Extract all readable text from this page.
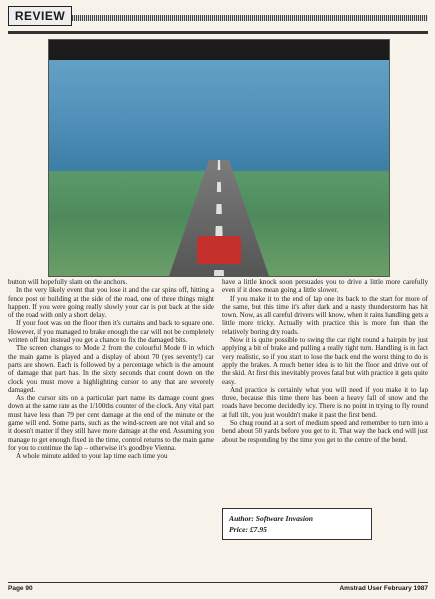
REVIEW

button will hopefully slam on the anchors.

In the very likely event that you lose it and the car spins off, hitting a fence post or building at the side of the road, one of three things might happen. If you were going really slowly your car is put back at the side of the road with only a short delay.

If your foot was on the floor then it's curtains and back to square one. However, if you managed to brake enough the car will not be completely written off but instead you get a chance to fix the damaged bits.

The screen changes to Mode 2 from the colourful Mode 0 in which the main game is played and a display of about 70 (yes seventy!) car parts are shown. Each is followed by a percentage which is the amount of damage that part has. In the sixty seconds that count down on the clock you must move a highlighting cursor to any that are severely damaged.

As the cursor sits on a particular part name its damage count goes down at the same rate as the 1/100ths counter of the clock. Any vital part must have less than 79 per cent damage at the end of the minute or the game will end. Some parts, such as the wind-screen are not vital and so it doesn't matter if they still have more damage at the end. Assuming you manage to get enough fixed in the time, control returns to the main game for you to continue the lap – otherwise it's goodbye Vienna.

A whole minute added to your lap time each time you

have a little knock soon persuades you to drive a little more carefully even if it does mean going a little slower.

If you make it to the end of lap one its back to the start for more of the same, but this time it's after dark and a nasty thunderstorm has hit town. Now, as all careful drivers will know, when it rains handling gets a little more tricky. Actually with practice this is more fun than the relatively boring dry roads.

Now it is quite possible to swing the car right round a hairpin by just applying a bit of brake and pulling a really tight turn. Handling is in fact very realistic, so if you start to lose the back end the worst thing to do is apply the brakes. A much better idea is to hit the floor and drive out of the skid. At first this inevitably proves fatal but with practice it gets quite easy.

And practice is certainly what you will need if you make it to lap three, because this time there has been a heavy fall of snow and the roads have become decidedly icy. There is no point in trying to fly round at full tilt, you just wouldn't make it past the first bend.

So chug round at a sort of medium speed and remember to turn into a bend about 50 yards before you get to it. That way the back end will just about be responding by the time you get to the centre of the bend.

Author: Software Invasion
Price: £7.95
Page 90	Amstrad User February 1987
